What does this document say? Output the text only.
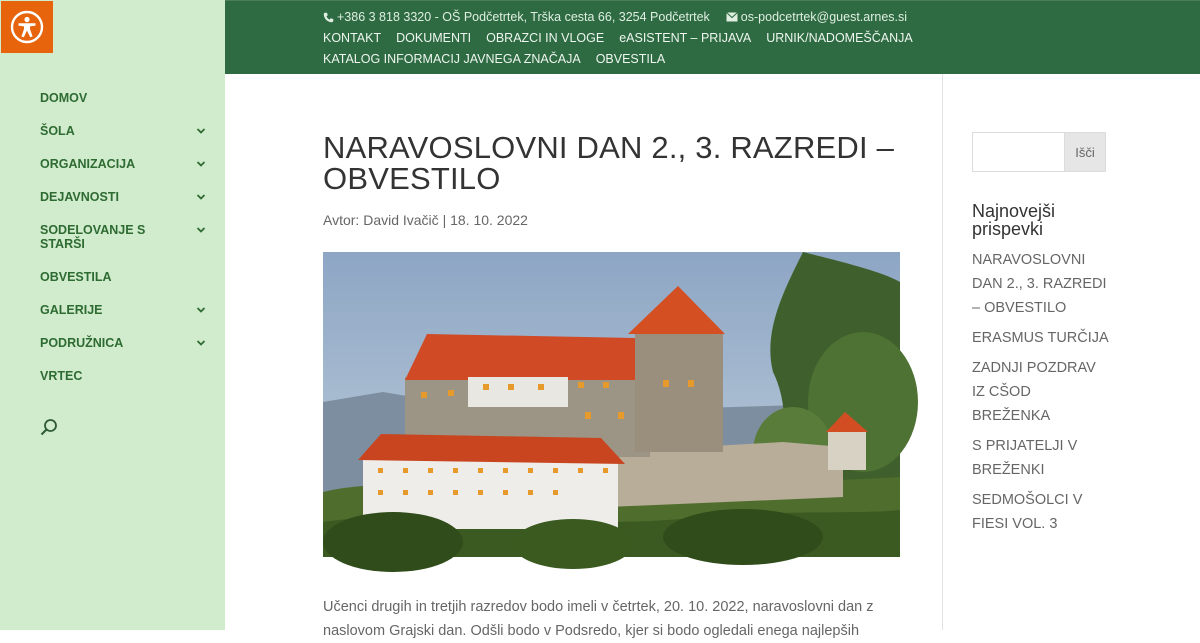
DOMOV
ŠOLA
ORGANIZACIJA
DEJAVNOSTI
SODELOVANJE S STARŠI
OBVESTILA
GALERIJE
PODRUŽNICA
VRTEC
+386 3 818 3320 - OŠ Podčetrtek, Trška cesta 66, 3254 Podčetrtek os-podcetrtek@guest.arnes.si
KONTAKT DOKUMENTI OBRAZCI IN VLOGE eASISTENT – PRIJAVA URNIK/NADOMEŠČANJA
KATALOG INFORMACIJ JAVNEGA ZNAČAJA OBVESTILA
NARAVOSLOVNI DAN 2., 3. RAZREDI – OBVESTILO
Avtor: David Ivačič | 18. 10. 2022

Učenci drugih in tretjih razredov bodo imeli v četrtek, 20. 10. 2022, naravoslovni dan z naslovom Grajski dan. Odšli bodo v Podsredo, kjer si bodo ogledali enega najlepših

Išči
Najnovejši prispevki
NARAVOSLOVNI DAN 2., 3. RAZREDI – OBVESTILO
ERASMUS TURČIJA
ZADNJI POZDRAV IZ CŠOD BREŽENKA
S PRIJATELJI V BREŽENKI
SEDMOŠOLCI V FIESI VOL. 3
